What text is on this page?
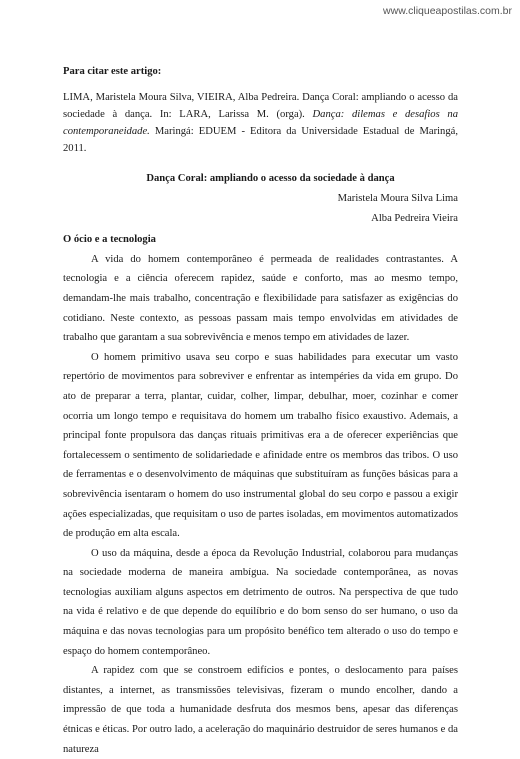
www.cliqueapostilas.com.br

Para citar este artigo:

LIMA, Maristela Moura Silva, VIEIRA, Alba Pedreira. Dança Coral: ampliando o acesso da sociedade à dança. In: LARA, Larissa M. (orga). Dança: dilemas e desafios na contemporaneidade. Maringá: EDUEM - Editora da Universidade Estadual de Maringá, 2011.

Dança Coral: ampliando o acesso da sociedade à dança

Maristela Moura Silva Lima

Alba Pedreira Vieira

O ócio e a tecnologia

A vida do homem contemporâneo é permeada de realidades contrastantes. A tecnologia e a ciência oferecem rapidez, saúde e conforto, mas ao mesmo tempo, demandam-lhe mais trabalho, concentração e flexibilidade para satisfazer as exigências do cotidiano. Neste contexto, as pessoas passam mais tempo envolvidas em atividades de trabalho que garantam a sua sobrevivência e menos tempo em atividades de lazer.

O homem primitivo usava seu corpo e suas habilidades para executar um vasto repertório de movimentos para sobreviver e enfrentar as intempéries da vida em grupo. Do ato de preparar a terra, plantar, cuidar, colher, limpar, debulhar, moer, cozinhar e comer ocorria um longo tempo e requisitava do homem um trabalho físico exaustivo. Ademais, a principal fonte propulsora das danças rituais primitivas era a de oferecer experiências que fortalecessem o sentimento de solidariedade e afinidade entre os membros das tribos. O uso de ferramentas e o desenvolvimento de máquinas que substituíram as funções básicas para a sobrevivência isentaram o homem do uso instrumental global do seu corpo e passou a exigir ações especializadas, que requisitam o uso de partes isoladas, em movimentos automatizados de produção em alta escala.

O uso da máquina, desde a época da Revolução Industrial, colaborou para mudanças na sociedade moderna de maneira ambígua. Na sociedade contemporânea, as novas tecnologias auxiliam alguns aspectos em detrimento de outros. Na perspectiva de que tudo na vida é relativo e de que depende do equilíbrio e do bom senso do ser humano, o uso da máquina e das novas tecnologias para um propósito benéfico tem alterado o uso do tempo e espaço do homem contemporâneo.

A rapidez com que se constroem edifícios e pontes, o deslocamento para países distantes, a internet, as transmissões televisivas, fizeram o mundo encolher, dando a impressão de que toda a humanidade desfruta dos mesmos bens, apesar das diferenças étnicas e éticas. Por outro lado, a aceleração do maquinário destruidor de seres humanos e da natureza
